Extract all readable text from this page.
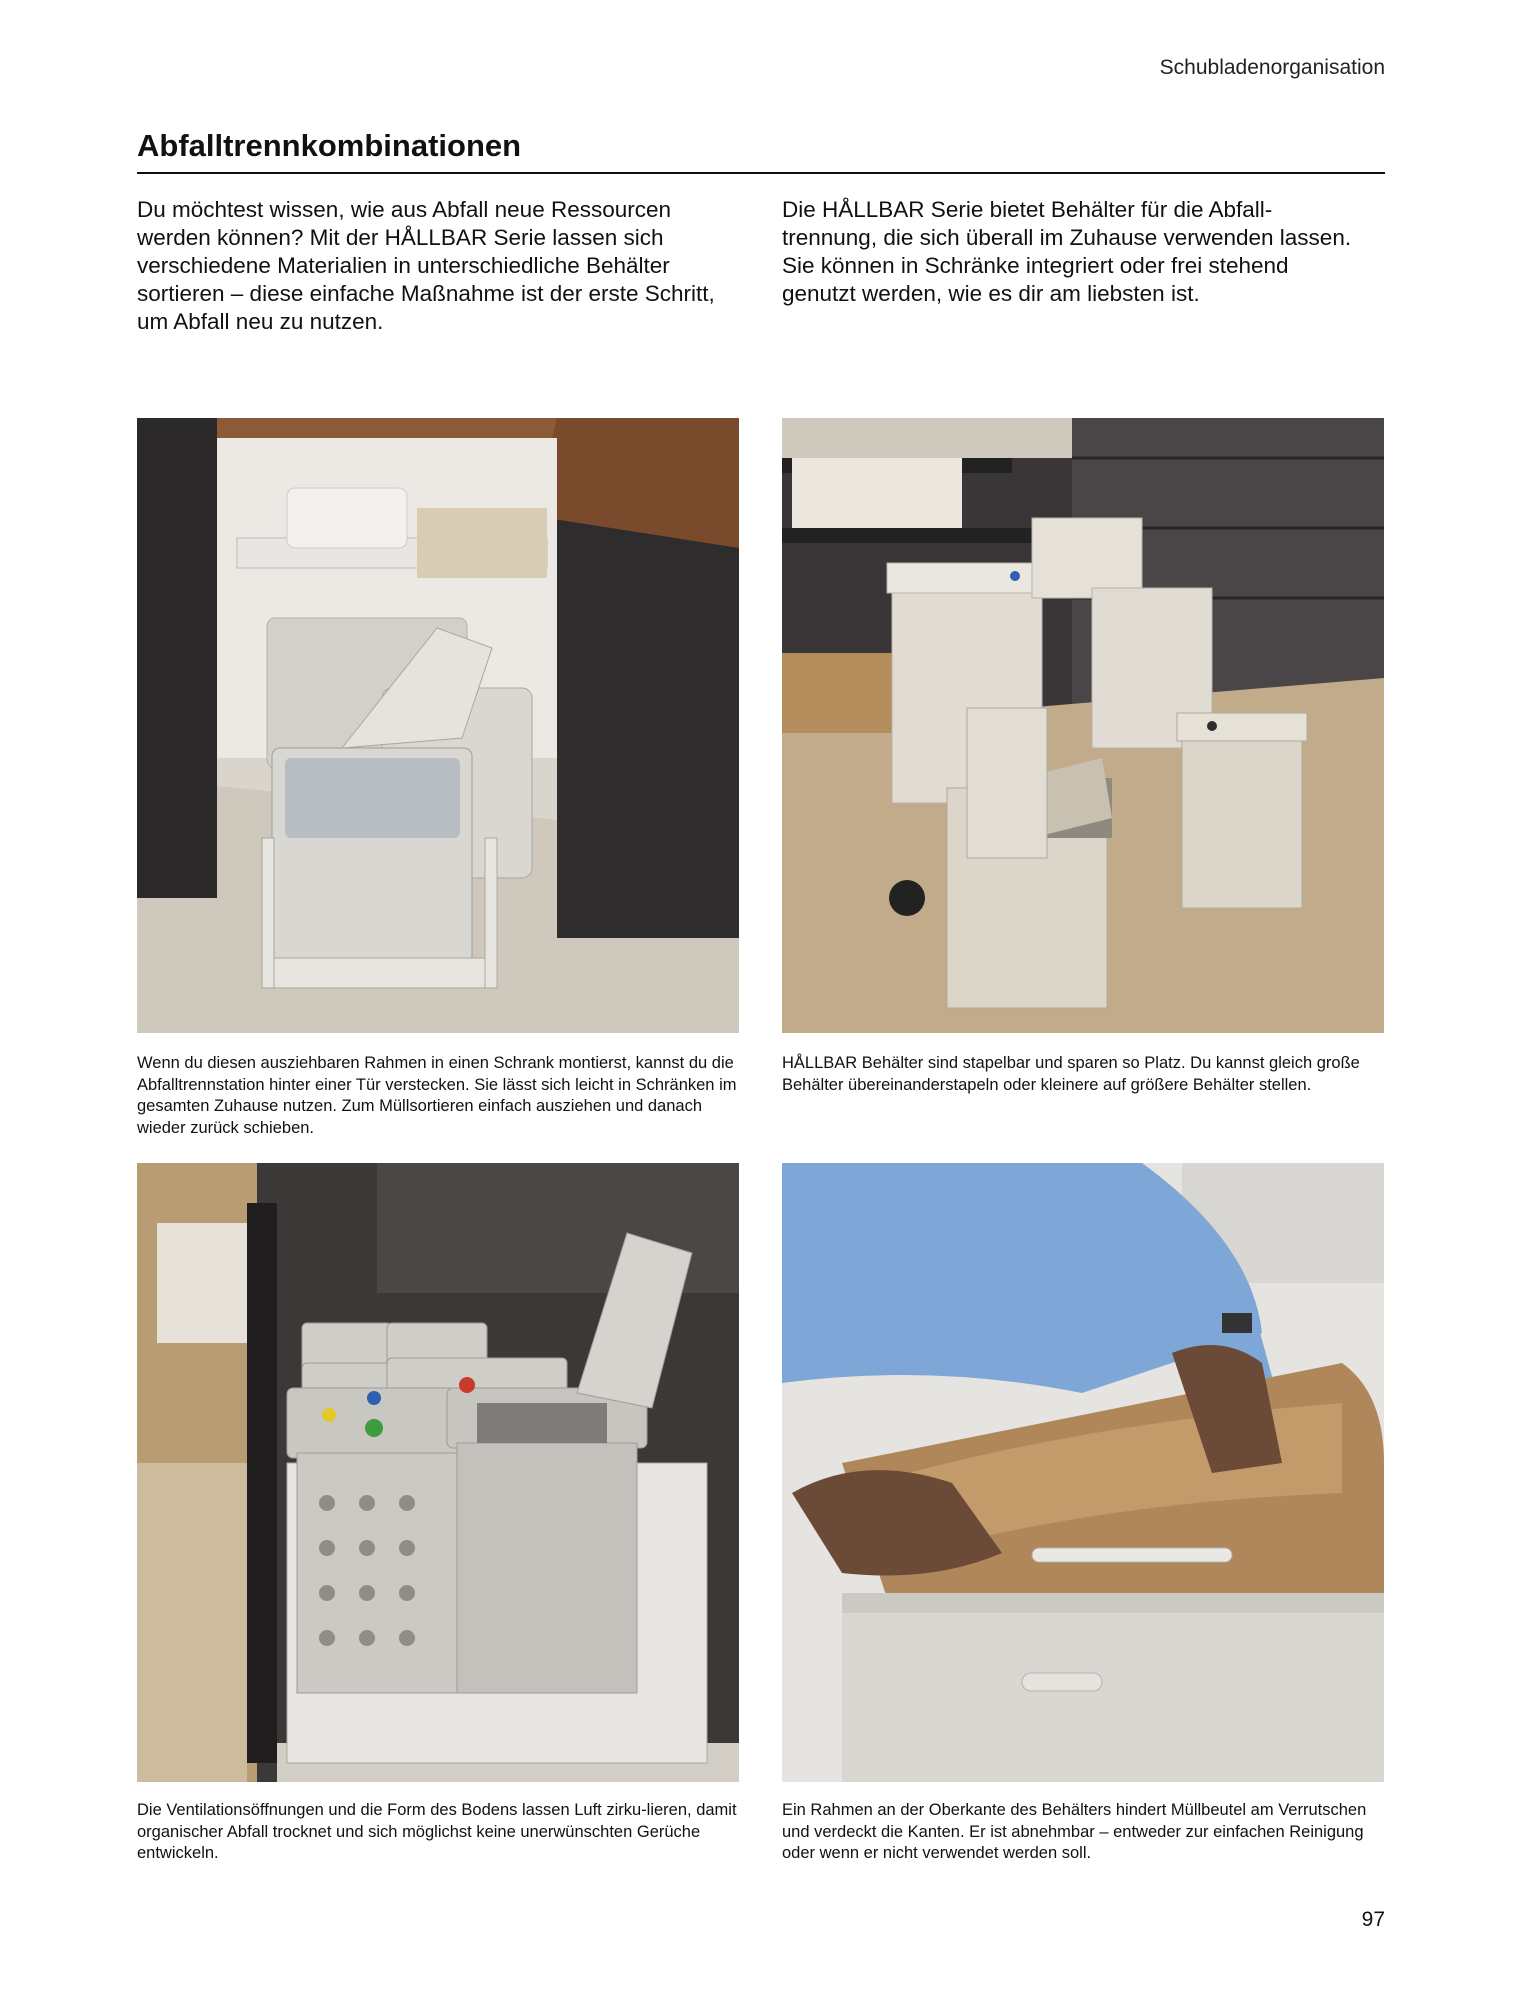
Schubladenorganisation
Abfalltrennkombinationen

Du möchtest wissen, wie aus Abfall neue Ressourcen werden können? Mit der HÅLLBAR Serie lassen sich verschiedene Materialien in unterschiedliche Behälter sortieren – diese einfache Maßnahme ist der erste Schritt, um Abfall neu zu nutzen.

Die HÅLLBAR Serie bietet Behälter für die Abfall-trennung, die sich überall im Zuhause verwenden lassen. Sie können in Schränke integriert oder frei stehend genutzt werden, wie es dir am liebsten ist.

Wenn du diesen ausziehbaren Rahmen in einen Schrank montierst, kannst du die Abfalltrennstation hinter einer Tür verstecken. Sie lässt sich leicht in Schränken im gesamten Zuhause nutzen. Zum Müllsortieren einfach ausziehen und danach wieder zurück schieben.

HÅLLBAR Behälter sind stapelbar und sparen so Platz. Du kannst gleich große Behälter übereinanderstapeln oder kleinere auf größere Behälter stellen.

Die Ventilationsöffnungen und die Form des Bodens lassen Luft zirku-lieren, damit organischer Abfall trocknet und sich möglichst keine unerwünschten Gerüche entwickeln.

Ein Rahmen an der Oberkante des Behälters hindert Müllbeutel am Verrutschen und verdeckt die Kanten. Er ist abnehmbar – entweder zur einfachen Reinigung oder wenn er nicht verwendet werden soll.

97
